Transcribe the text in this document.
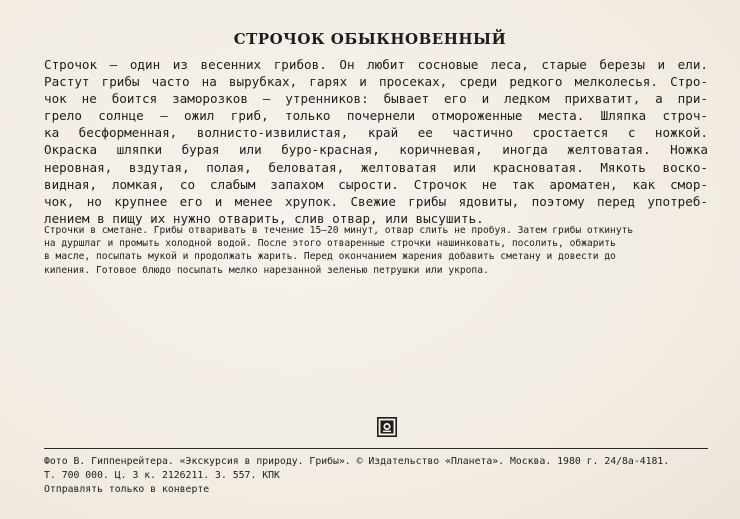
СТРОЧОК ОБЫКНОВЕННЫЙ
Строчок — один из весенних грибов. Он любит сосновые леса, старые березы и ели.
Растут грибы часто на вырубках, гарях и просеках, среди редкого мелколесья. Стро-
чок не боится заморозков — утренников: бывает его и ледком прихватит, а при-
грело солнце — ожил гриб, только почернели отмороженные места. Шляпка строч-
ка бесформенная, волнисто-извилистая, край ее частично сростается с ножкой.
Окраска шляпки бурая или буро-красная, коричневая, иногда желтоватая. Ножка
неровная, вздутая, полая, беловатая, желтоватая или красноватая. Мякоть воско-
видная, ломкая, со слабым запахом сырости. Строчок не так ароматен, как смор-
чок, но крупнее его и менее хрупок. Свежие грибы ядовиты, поэтому перед употреб-
лением в пищу их нужно отварить, слив отвар, или высушить.
Строчки в сметане. Грибы отваривать в течение 15—20 минут, отвар слить не пробуя. Затем грибы откинуть
на дуршлаг и промыть холодной водой. После этого отваренные строчки нашинковать, посолить, обжарить
в масле, посыпать мукой и продолжать жарить. Перед окончанием жарения добавить сметану и довести до
кипения. Готовое блюдо посыпать мелко нарезанной зеленью петрушки или укропа.
Фото В. Гиппенрейтера. «Экскурсия в природу. Грибы». © Издательство «Планета». Москва. 1980 г. 24/8а-4181.
Т. 700 000. Ц. 3 к. 2126211. З. 557. КПК
Отправлять только в конверте
